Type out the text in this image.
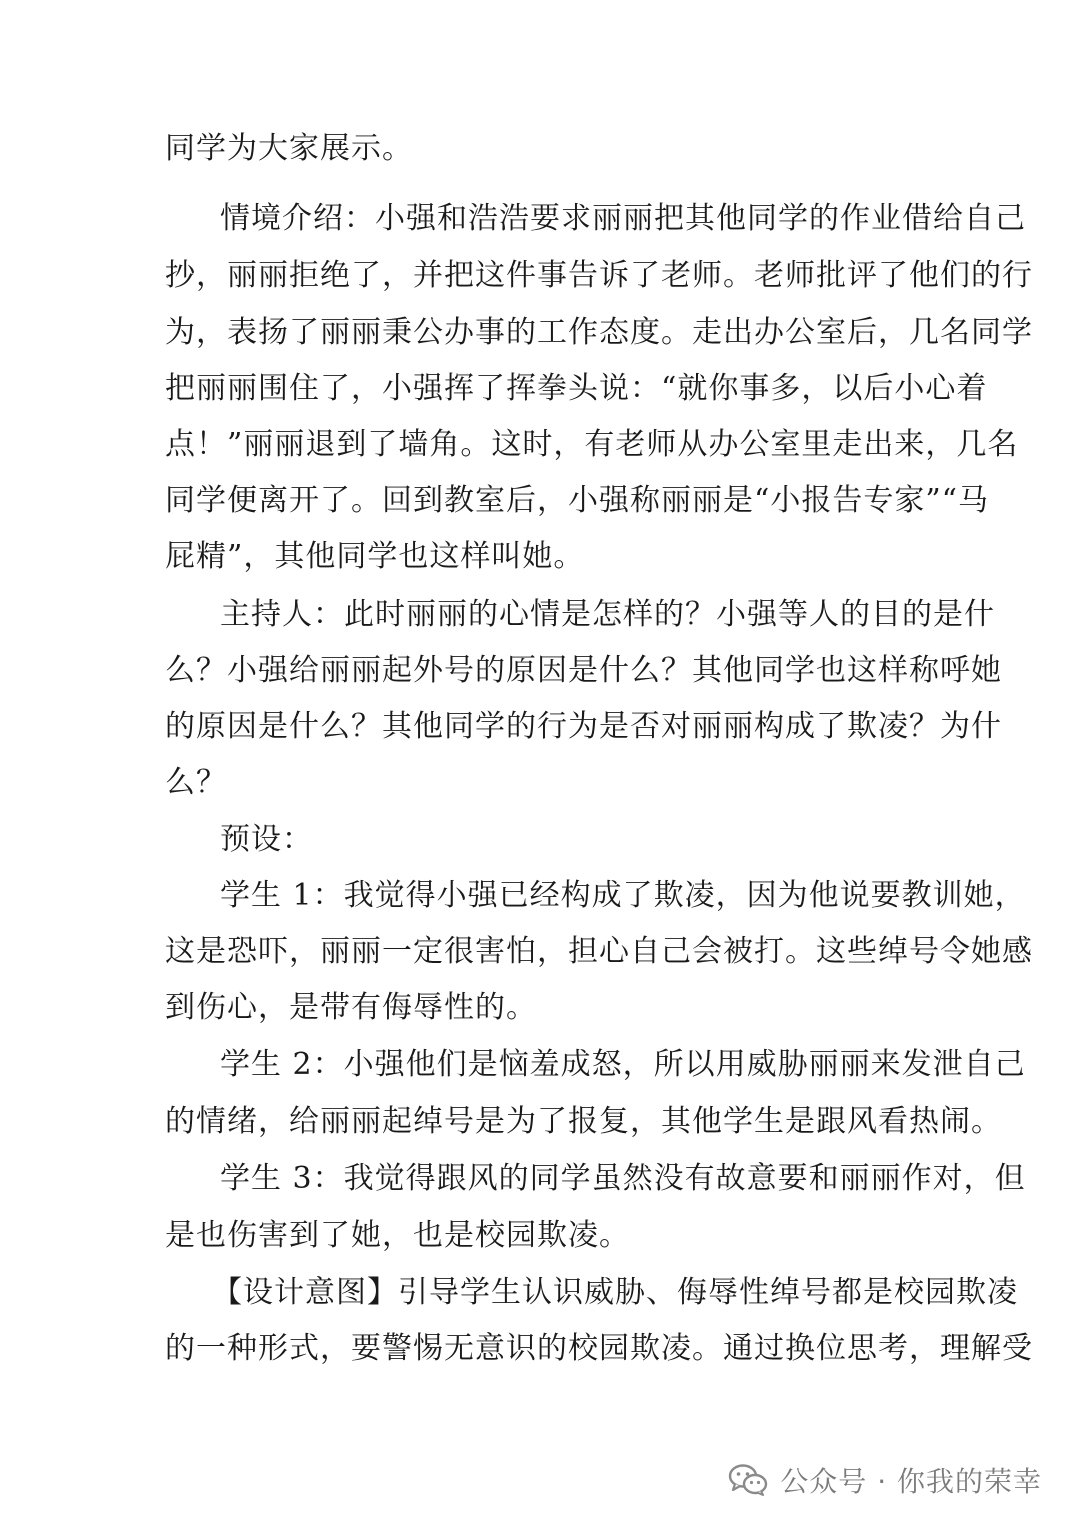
同学为大家展示。
情境介绍：小强和浩浩要求丽丽把其他同学的作业借给自己
抄，丽丽拒绝了，并把这件事告诉了老师。老师批评了他们的行
为，表扬了丽丽秉公办事的工作态度。走出办公室后，几名同学
把丽丽围住了，小强挥了挥拳头说：“就你事多，以后小心着
点！”丽丽退到了墙角。这时，有老师从办公室里走出来，几名
同学便离开了。回到教室后，小强称丽丽是“小报告专家”“马
屁精”，其他同学也这样叫她。
主持人：此时丽丽的心情是怎样的？小强等人的目的是什
么？小强给丽丽起外号的原因是什么？其他同学也这样称呼她
的原因是什么？其他同学的行为是否对丽丽构成了欺凌？为什
么？
预设：
学生 1：我觉得小强已经构成了欺凌，因为他说要教训她，
这是恐吓，丽丽一定很害怕，担心自己会被打。这些绰号令她感
到伤心，是带有侮辱性的。
学生 2：小强他们是恼羞成怒，所以用威胁丽丽来发泄自己
的情绪，给丽丽起绰号是为了报复，其他学生是跟风看热闹。
学生 3：我觉得跟风的同学虽然没有故意要和丽丽作对，但
是也伤害到了她，也是校园欺凌。
【设计意图】引导学生认识威胁、侮辱性绰号都是校园欺凌
的一种形式，要警惕无意识的校园欺凌。通过换位思考，理解受
公众号 · 你我的荣幸
